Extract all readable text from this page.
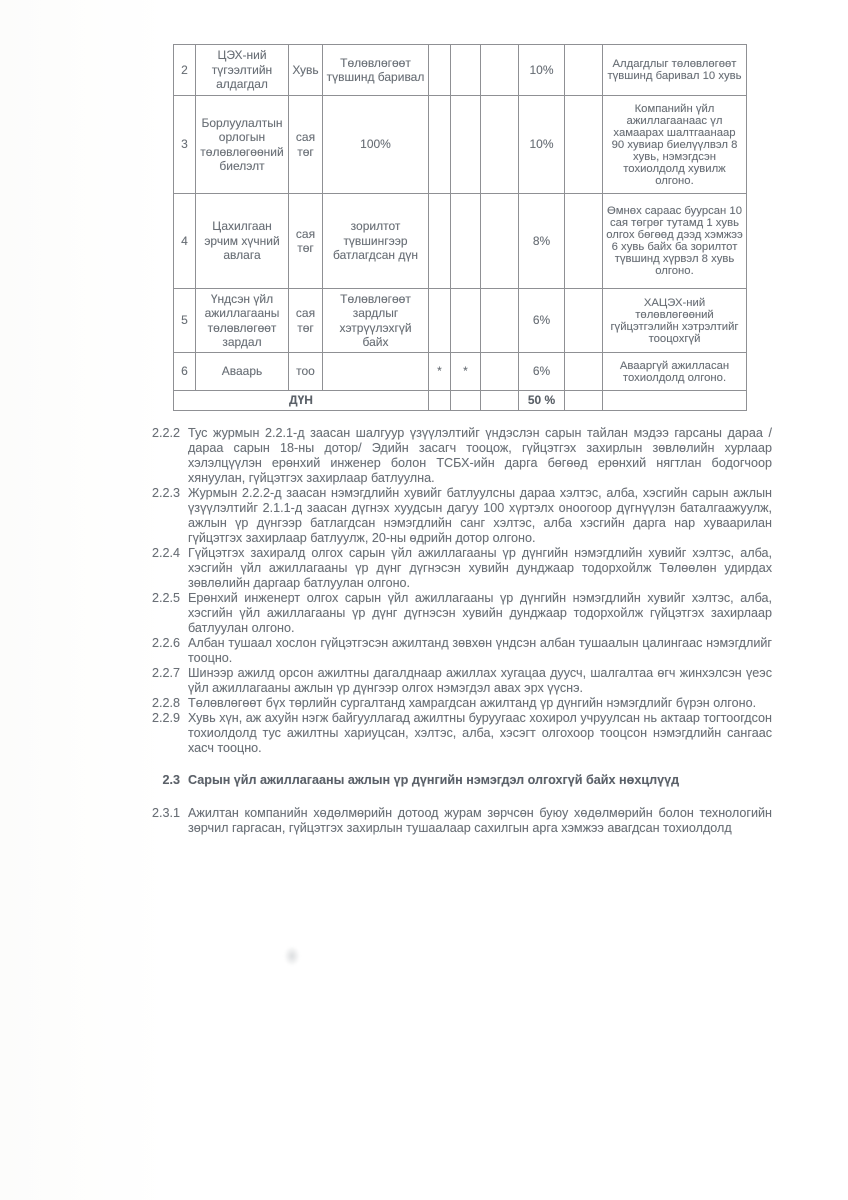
2	ЦЭХ-ний түгээлтийн алдагдал	Хувь	Төлөвлөгөөт түвшинд баривал				10%		Алдагдлыг төлөвлөгөөт түвшинд баривал 10 хувь
3	Борлуулалтын орлогын төлөвлөгөөний биелэлт	сая төг	100%				10%		Компанийн үйл ажиллагаанаас үл хамаарах шалтгаанаар 90 хувиар биелүүлвэл 8 хувь, нэмэгдсэн тохиолдолд хувилж олгоно.
4	Цахилгаан эрчим хүчний авлага	сая төг	зорилтот түвшингээр батлагдсан дүн				8%		Өмнөх сараас буурсан 10 сая төгрөг тутамд 1 хувь олгох бөгөөд дээд хэмжээ 6 хувь байх ба зорилтот түвшинд хүрвэл 8 хувь олгоно.
5	Үндсэн үйл ажиллагааны төлөвлөгөөт зардал	сая төг	Төлөвлөгөөт зардлыг хэтрүүлэхгүй байх				6%		ХАЦЭХ-ний төлөвлөгөөний гүйцэтгэлийн хэтрэлтийг тооцохгүй
6	Аваарь	тоо		*	*		6%		Авааргүй ажилласан тохиолдолд олгоно.
ДҮН							50 %		
2.2.2 Тус журмын 2.2.1-д заасан шалгуур үзүүлэлтийг үндэслэн сарын тайлан мэдээ гарсаны дараа /дараа сарын 18-ны дотор/ Эдийн засагч тооцож, гүйцэтгэх захирлын зөвлөлийн хурлаар хэлэлцүүлэн ерөнхий инженер болон ТСБХ-ийн дарга бөгөөд ерөнхий нягтлан бодогчоор хянуулан, гүйцэтгэх захирлаар батлуулна.
2.2.3 Журмын 2.2.2-д заасан нэмэгдлийн хувийг батлуулсны дараа хэлтэс, алба, хэсгийн сарын ажлын үзүүлэлтийг 2.1.1-д заасан дүгнэх хуудсын дагуу 100 хүртэлх оноогоор дүгнүүлэн баталгаажуулж, ажлын үр дүнгээр батлагдсан нэмэгдлийн санг хэлтэс, алба хэсгийн дарга нар хуваарилан гүйцэтгэх захирлаар батлуулж, 20-ны өдрийн дотор олгоно.
2.2.4 Гүйцэтгэх захиралд олгох сарын үйл ажиллагааны үр дүнгийн нэмэгдлийн хувийг хэлтэс, алба, хэсгийн үйл ажиллагааны үр дүнг дүгнэсэн хувийн дунджаар тодорхойлж Төлөөлөн удирдах зөвлөлийн даргаар батлуулан олгоно.
2.2.5 Ерөнхий инженерт олгох сарын үйл ажиллагааны үр дүнгийн нэмэгдлийн хувийг хэлтэс, алба, хэсгийн үйл ажиллагааны үр дүнг дүгнэсэн хувийн дунджаар тодорхойлж гүйцэтгэх захирлаар батлуулан олгоно.
2.2.6 Албан тушаал хослон гүйцэтгэсэн ажилтанд зөвхөн үндсэн албан тушаалын цалингаас нэмэгдлийг тооцно.
2.2.7 Шинээр ажилд орсон ажилтны дагалднаар ажиллах хугацаа дуусч, шалгалтаа өгч жинхэлсэн үеэс үйл ажиллагааны ажлын үр дүнгээр олгох нэмэгдэл авах эрх үүснэ.
2.2.8 Төлөвлөгөөт бүх төрлийн сургалтанд хамрагдсан ажилтанд үр дүнгийн нэмэгдлийг бүрэн олгоно.
2.2.9 Хувь хүн, аж ахуйн нэгж байгууллагад ажилтны буруугаас хохирол учруулсан нь актаар тогтоогдсон тохиолдолд тус ажилтны хариуцсан, хэлтэс, алба, хэсэгт олгохоор тооцсон нэмэгдлийн сангаас хасч тооцно.
2.3 Сарын үйл ажиллагааны ажлын үр дүнгийн нэмэгдэл олгохгүй байх нөхцлүүд
2.3.1 Ажилтан компанийн хөдөлмөрийн дотоод журам зөрчсөн буюу хөдөлмөрийн болон технологийн зөрчил гаргасан, гүйцэтгэх захирлын тушаалаар сахилгын арга хэмжээ авагдсан тохиолдолд
